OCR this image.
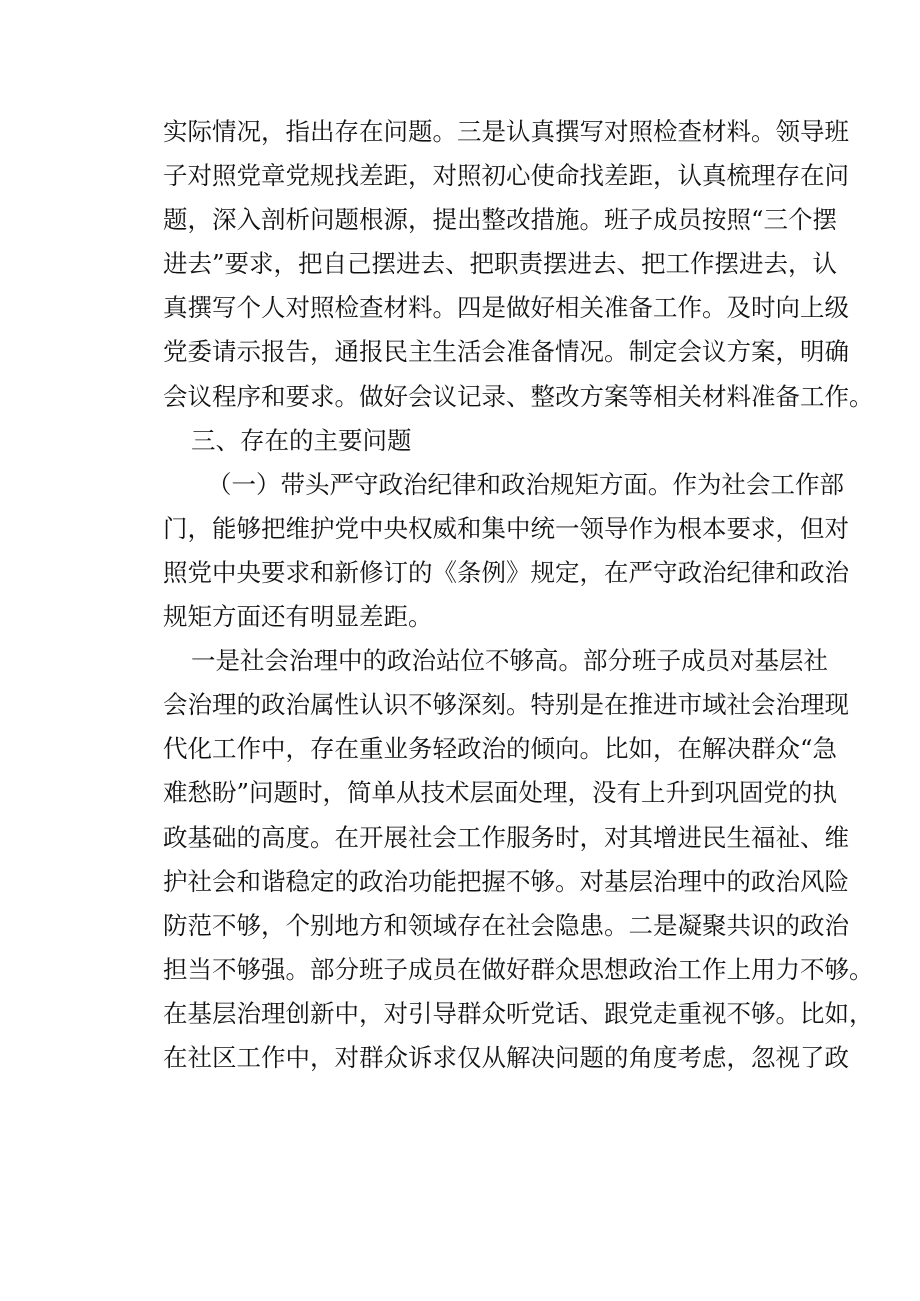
实际情况，指出存在问题。三是认真撰写对照检查材料。领导班
子对照党章党规找差距，对照初心使命找差距，认真梳理存在问
题，深入剖析问题根源，提出整改措施。班子成员按照“三个摆
进去”要求，把自己摆进去、把职责摆进去、把工作摆进去，认
真撰写个人对照检查材料。四是做好相关准备工作。及时向上级
党委请示报告，通报民主生活会准备情况。制定会议方案，明确
会议程序和要求。做好会议记录、整改方案等相关材料准备工作。
三、存在的主要问题
（一）带头严守政治纪律和政治规矩方面。作为社会工作部
门，能够把维护党中央权威和集中统一领导作为根本要求，但对
照党中央要求和新修订的《条例》规定，在严守政治纪律和政治
规矩方面还有明显差距。
一是社会治理中的政治站位不够高。部分班子成员对基层社
会治理的政治属性认识不够深刻。特别是在推进市域社会治理现
代化工作中，存在重业务轻政治的倾向。比如，在解决群众“急
难愁盼”问题时，简单从技术层面处理，没有上升到巩固党的执
政基础的高度。在开展社会工作服务时，对其增进民生福祉、维
护社会和谐稳定的政治功能把握不够。对基层治理中的政治风险
防范不够，个别地方和领域存在社会隐患。二是凝聚共识的政治
担当不够强。部分班子成员在做好群众思想政治工作上用力不够。
在基层治理创新中，对引导群众听党话、跟党走重视不够。比如，
在社区工作中，对群众诉求仅从解决问题的角度考虑，忽视了政
